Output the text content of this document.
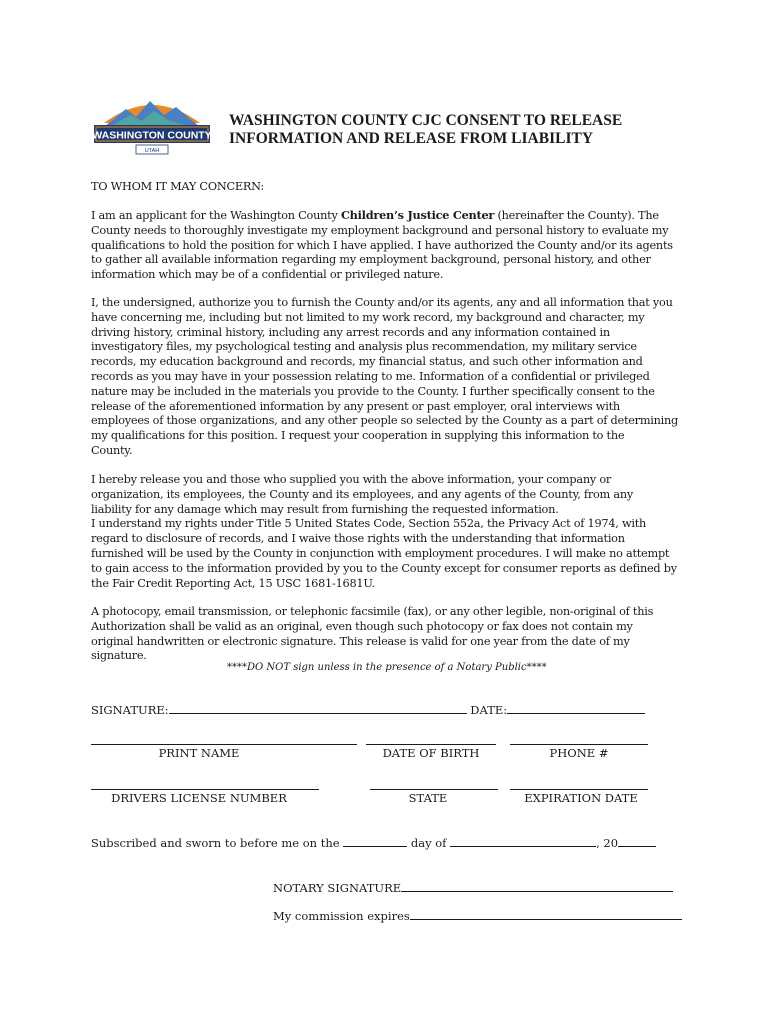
WASHINGTON COUNTY
UTAH
WASHINGTON COUNTY CJC CONSENT TO RELEASE
INFORMATION AND RELEASE FROM LIABILITY
TO WHOM IT MAY CONCERN:
I am an applicant for the Washington County Children’s Justice Center (hereinafter the County). The
County needs to thoroughly investigate my employment background and personal history to evaluate my
qualifications to hold the position for which I have applied. I have authorized the County and/or its agents
to gather all available information regarding my employment background, personal history, and other
information which may be of a confidential or privileged nature.
I, the undersigned, authorize you to furnish the County and/or its agents, any and all information that you
have concerning me, including but not limited to my work record, my background and character, my
driving history, criminal history, including any arrest records and any information contained in
investigatory files, my psychological testing and analysis plus recommendation, my military service
records, my education background and records, my financial status, and such other information and
records as you may have in your possession relating to me. Information of a confidential or privileged
nature may be included in the materials you provide to the County. I further specifically consent to the
release of the aforementioned information by any present or past employer, oral interviews with
employees of those organizations, and any other people so selected by the County as a part of determining
my qualifications for this position. I request your cooperation in supplying this information to the
County.
I hereby release you and those who supplied you with the above information, your company or
organization, its employees, the County and its employees, and any agents of the County, from any
liability for any damage which may result from furnishing the requested information.
I understand my rights under Title 5 United States Code, Section 552a, the Privacy Act of 1974, with
regard to disclosure of records, and I waive those rights with the understanding that information
furnished will be used by the County in conjunction with employment procedures. I will make no attempt
to gain access to the information provided by you to the County except for consumer reports as defined by
the Fair Credit Reporting Act, 15 USC 1681-1681U.
A photocopy, email transmission, or telephonic facsimile (fax), or any other legible, non-original of this
Authorization shall be valid as an original, even though such photocopy or fax does not contain my
original handwritten or electronic signature. This release is valid for one year from the date of my
signature.
****DO NOT sign unless in the presence of a Notary Public****
SIGNATURE:	DATE:
PRINT NAME	DATE OF BIRTH	PHONE #
DRIVERS LICENSE NUMBER	STATE	EXPIRATION DATE
Subscribed and sworn to before me on the	day of	, 20
NOTARY SIGNATURE
My commission expires
